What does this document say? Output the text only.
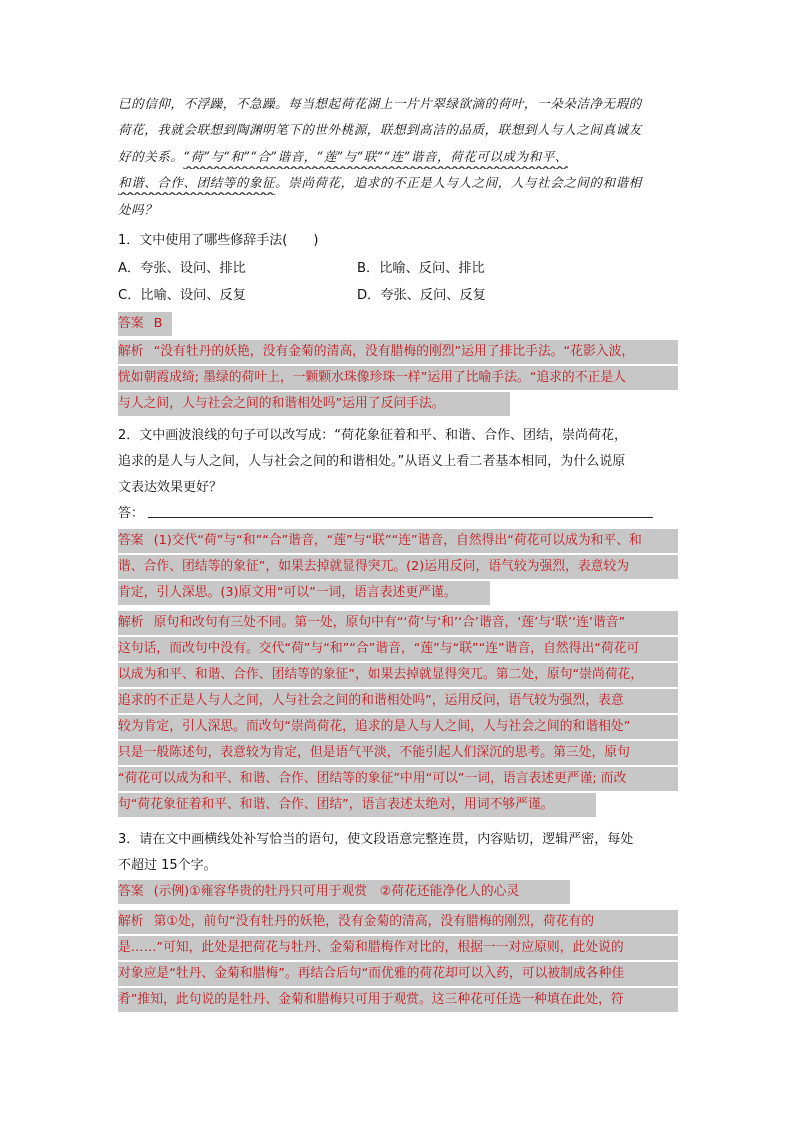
已的信仰，不浮躁，不急躁。每当想起荷花湖上一片片翠绿欲滴的荷叶，一朵朵洁净无瑕的
荷花，我就会联想到陶渊明笔下的世外桃源，联想到高洁的品质，联想到人与人之间真诚友
好的关系。“荷”与“和”“合”谐音，“莲”与“联”“连”谐音，荷花可以成为和平、
和谐、合作、团结等的象征。崇尚荷花，追求的不正是人与人之间，人与社会之间的和谐相
处吗？
1．文中使用了哪些修辞手法(　　)
A．夸张、设问、排比	B．比喻、反问、排比
C．比喻、设问、反复	D．夸张、反问、反复
答案 B
解析 “没有牡丹的妖艳，没有金菊的清高，没有腊梅的刚烈”运用了排比手法。“花影入波，
恍如朝霞成绮; 墨绿的荷叶上，一颗颗水珠像珍珠一样”运用了比喻手法。“追求的不正是人
与人之间，人与社会之间的和谐相处吗”运用了反问手法。
2．文中画波浪线的句子可以改写成：“荷花象征着和平、和谐、合作、团结，崇尚荷花，
追求的是人与人之间，人与社会之间的和谐相处。”从语义上看二者基本相同，为什么说原
文表达效果更好？
答：
答案 (1)交代“荷”与“和”“合”谐音，“莲”与“联”“连”谐音，自然得出“荷花可以成为和平、和
谐、合作、团结等的象征”，如果去掉就显得突兀。(2)运用反问，语气较为强烈，表意较为
肯定，引人深思。(3)原文用“可以”一词，语言表述更严谨。
解析 原句和改句有三处不同。第一处，原句中有“‘荷’与‘和’‘合’谐音，‘莲’与‘联’‘连’谐音”
这句话，而改句中没有。交代“荷”与“和”“合”谐音，“莲”与“联”“连”谐音，自然得出“荷花可
以成为和平、和谐、合作、团结等的象征”，如果去掉就显得突兀。第二处，原句“崇尚荷花，
追求的不正是人与人之间，人与社会之间的和谐相处吗”，运用反问，语气较为强烈，表意
较为肯定，引人深思。而改句“崇尚荷花，追求的是人与人之间，人与社会之间的和谐相处”
只是一般陈述句，表意较为肯定，但是语气平淡，不能引起人们深沉的思考。第三处，原句
“荷花可以成为和平、和谐、合作、团结等的象征”中用“可以”一词，语言表述更严谨; 而改
句“荷花象征着和平、和谐、合作、团结”，语言表述太绝对，用词不够严谨。
3．请在文中画横线处补写恰当的语句，使文段语意完整连贯，内容贴切，逻辑严密，每处
不超过 15个字。
答案 (示例)①雍容华贵的牡丹只可用于观赏　②荷花还能净化人的心灵
解析 第①处，前句“没有牡丹的妖艳，没有金菊的清高，没有腊梅的刚烈，荷花有的
是……”可知，此处是把荷花与牡丹、金菊和腊梅作对比的，根据一一对应原则，此处说的
对象应是“牡丹、金菊和腊梅”。再结合后句“而优雅的荷花却可以入药，可以被制成各种佳
肴”推知，此句说的是牡丹、金菊和腊梅只可用于观赏。这三种花可任选一种填在此处，符
